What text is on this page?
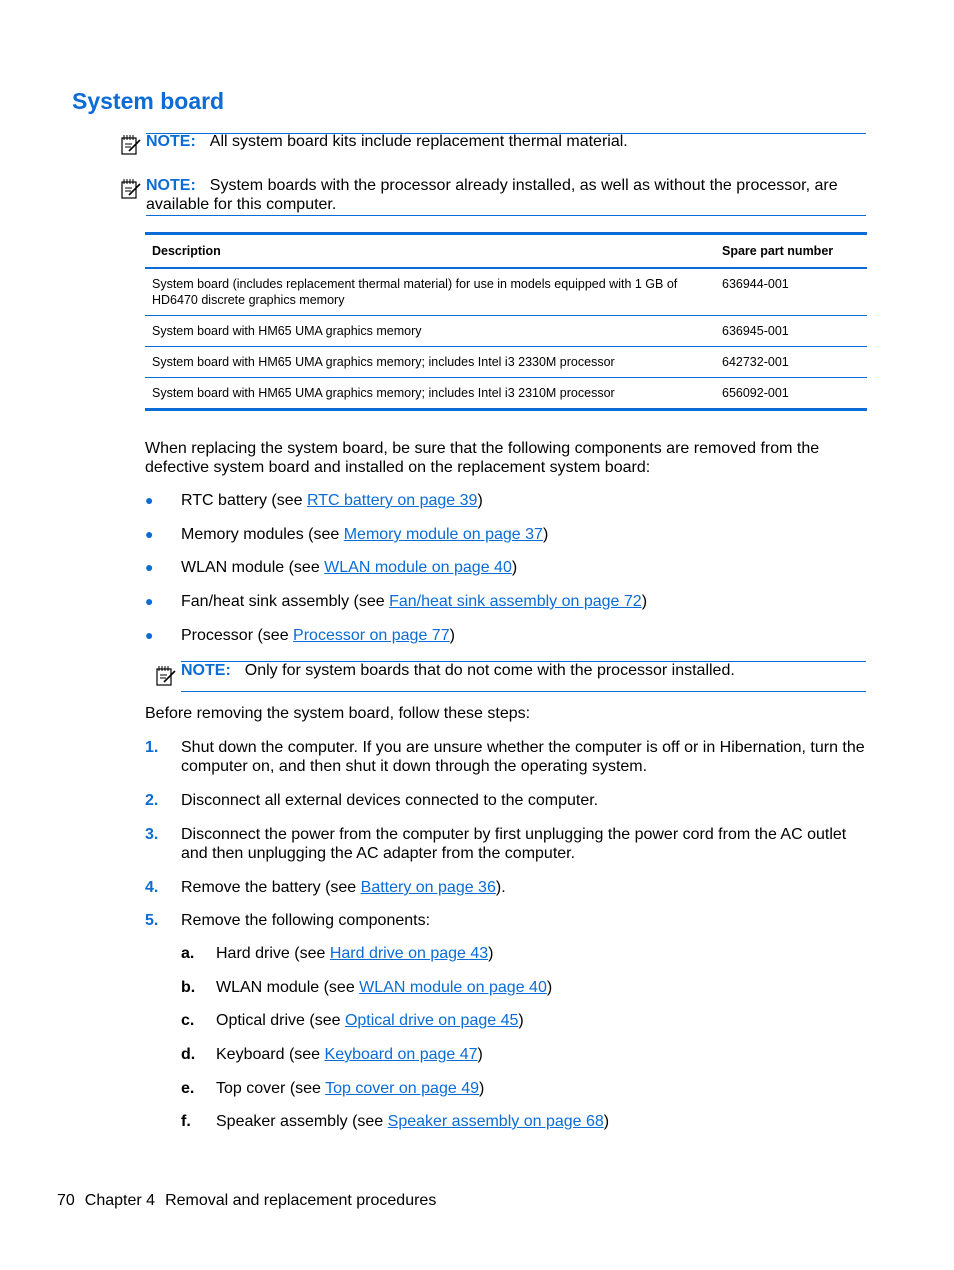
System board
NOTE: All system board kits include replacement thermal material.
NOTE: System boards with the processor already installed, as well as without the processor, are available for this computer.
Description	Spare part number
System board (includes replacement thermal material) for use in models equipped with 1 GB of HD6470 discrete graphics memory	636944-001
System board with HM65 UMA graphics memory	636945-001
System board with HM65 UMA graphics memory; includes Intel i3 2330M processor	642732-001
System board with HM65 UMA graphics memory; includes Intel i3 2310M processor	656092-001
When replacing the system board, be sure that the following components are removed from the defective system board and installed on the replacement system board:
● RTC battery (see RTC battery on page 39)
● Memory modules (see Memory module on page 37)
● WLAN module (see WLAN module on page 40)
● Fan/heat sink assembly (see Fan/heat sink assembly on page 72)
● Processor (see Processor on page 77)
NOTE: Only for system boards that do not come with the processor installed.
Before removing the system board, follow these steps:
1. Shut down the computer. If you are unsure whether the computer is off or in Hibernation, turn the computer on, and then shut it down through the operating system.
2. Disconnect all external devices connected to the computer.
3. Disconnect the power from the computer by first unplugging the power cord from the AC outlet and then unplugging the AC adapter from the computer.
4. Remove the battery (see Battery on page 36).
5. Remove the following components:
a. Hard drive (see Hard drive on page 43)
b. WLAN module (see WLAN module on page 40)
c. Optical drive (see Optical drive on page 45)
d. Keyboard (see Keyboard on page 47)
e. Top cover (see Top cover on page 49)
f. Speaker assembly (see Speaker assembly on page 68)
70 Chapter 4 Removal and replacement procedures
